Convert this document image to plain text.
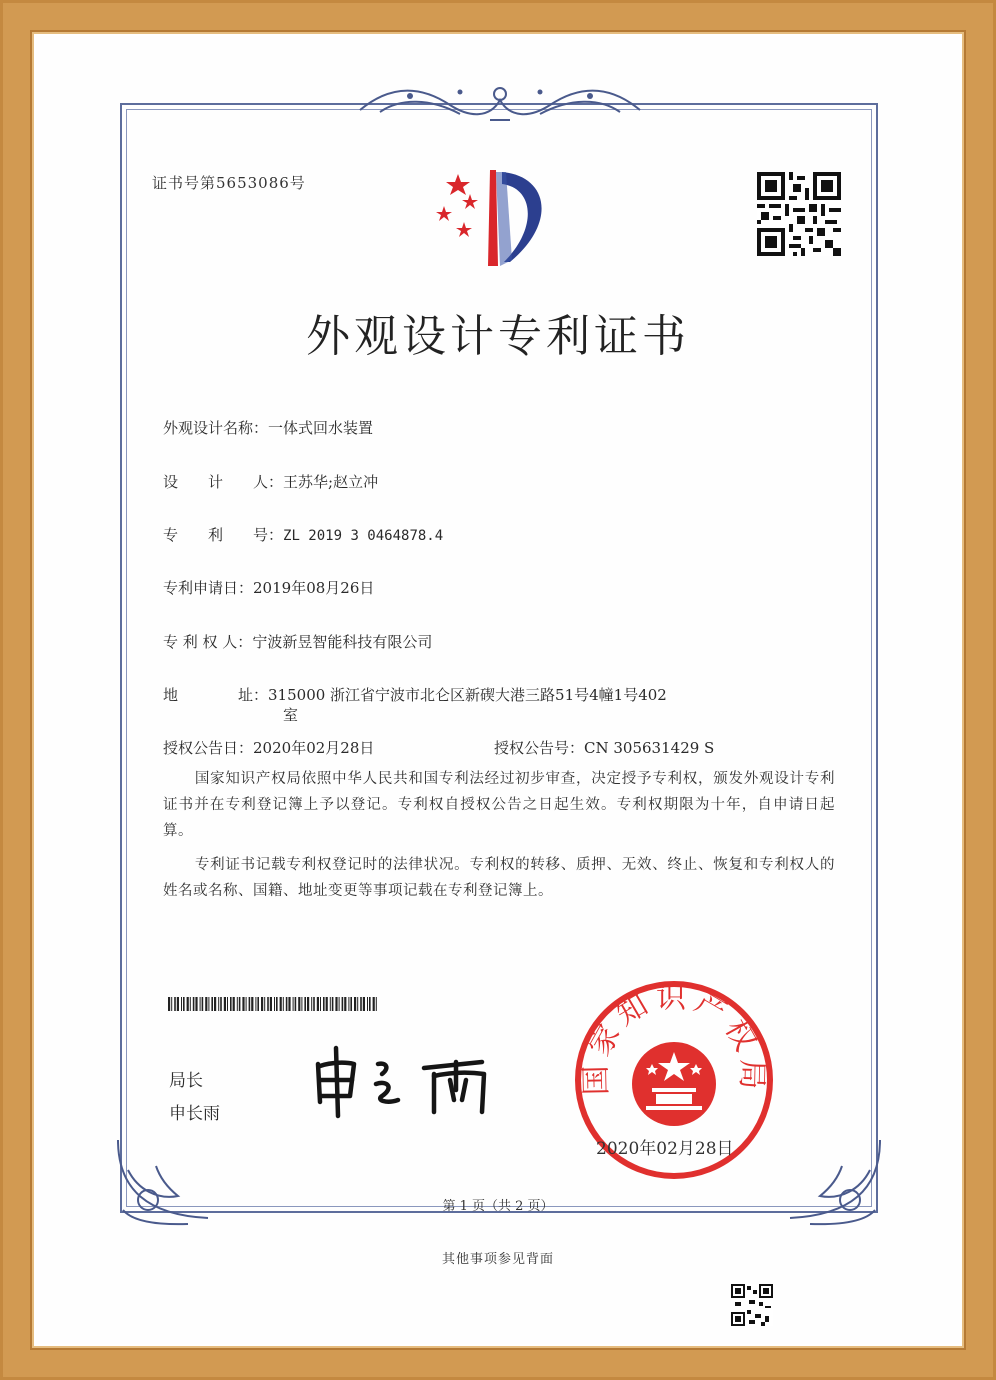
证书号第5653086号
外观设计专利证书
外观设计名称：一体式回水装置
设　　计　　人：王苏华;赵立冲
专　　利　　号：ZL 2019 3 0464878.4
专利申请日：2019年08月26日
专 利 权 人：宁波新昱智能科技有限公司
地　　　　址：315000 浙江省宁波市北仑区新碶大港三路51号4幢1号402
室
授权公告日：2020年02月28日	授权公告号：CN 305631429 S
国家知识产权局依照中华人民共和国专利法经过初步审查，决定授予专利权，颁发外观设计专利证书并在专利登记簿上予以登记。专利权自授权公告之日起生效。专利权期限为十年，自申请日起算。
专利证书记载专利权登记时的法律状况。专利权的转移、质押、无效、终止、恢复和专利权人的姓名或名称、国籍、地址变更等事项记载在专利登记簿上。
局长
申长雨
国家知识产权局
2020年02月28日
第 1 页（共 2 页）
其他事项参见背面
